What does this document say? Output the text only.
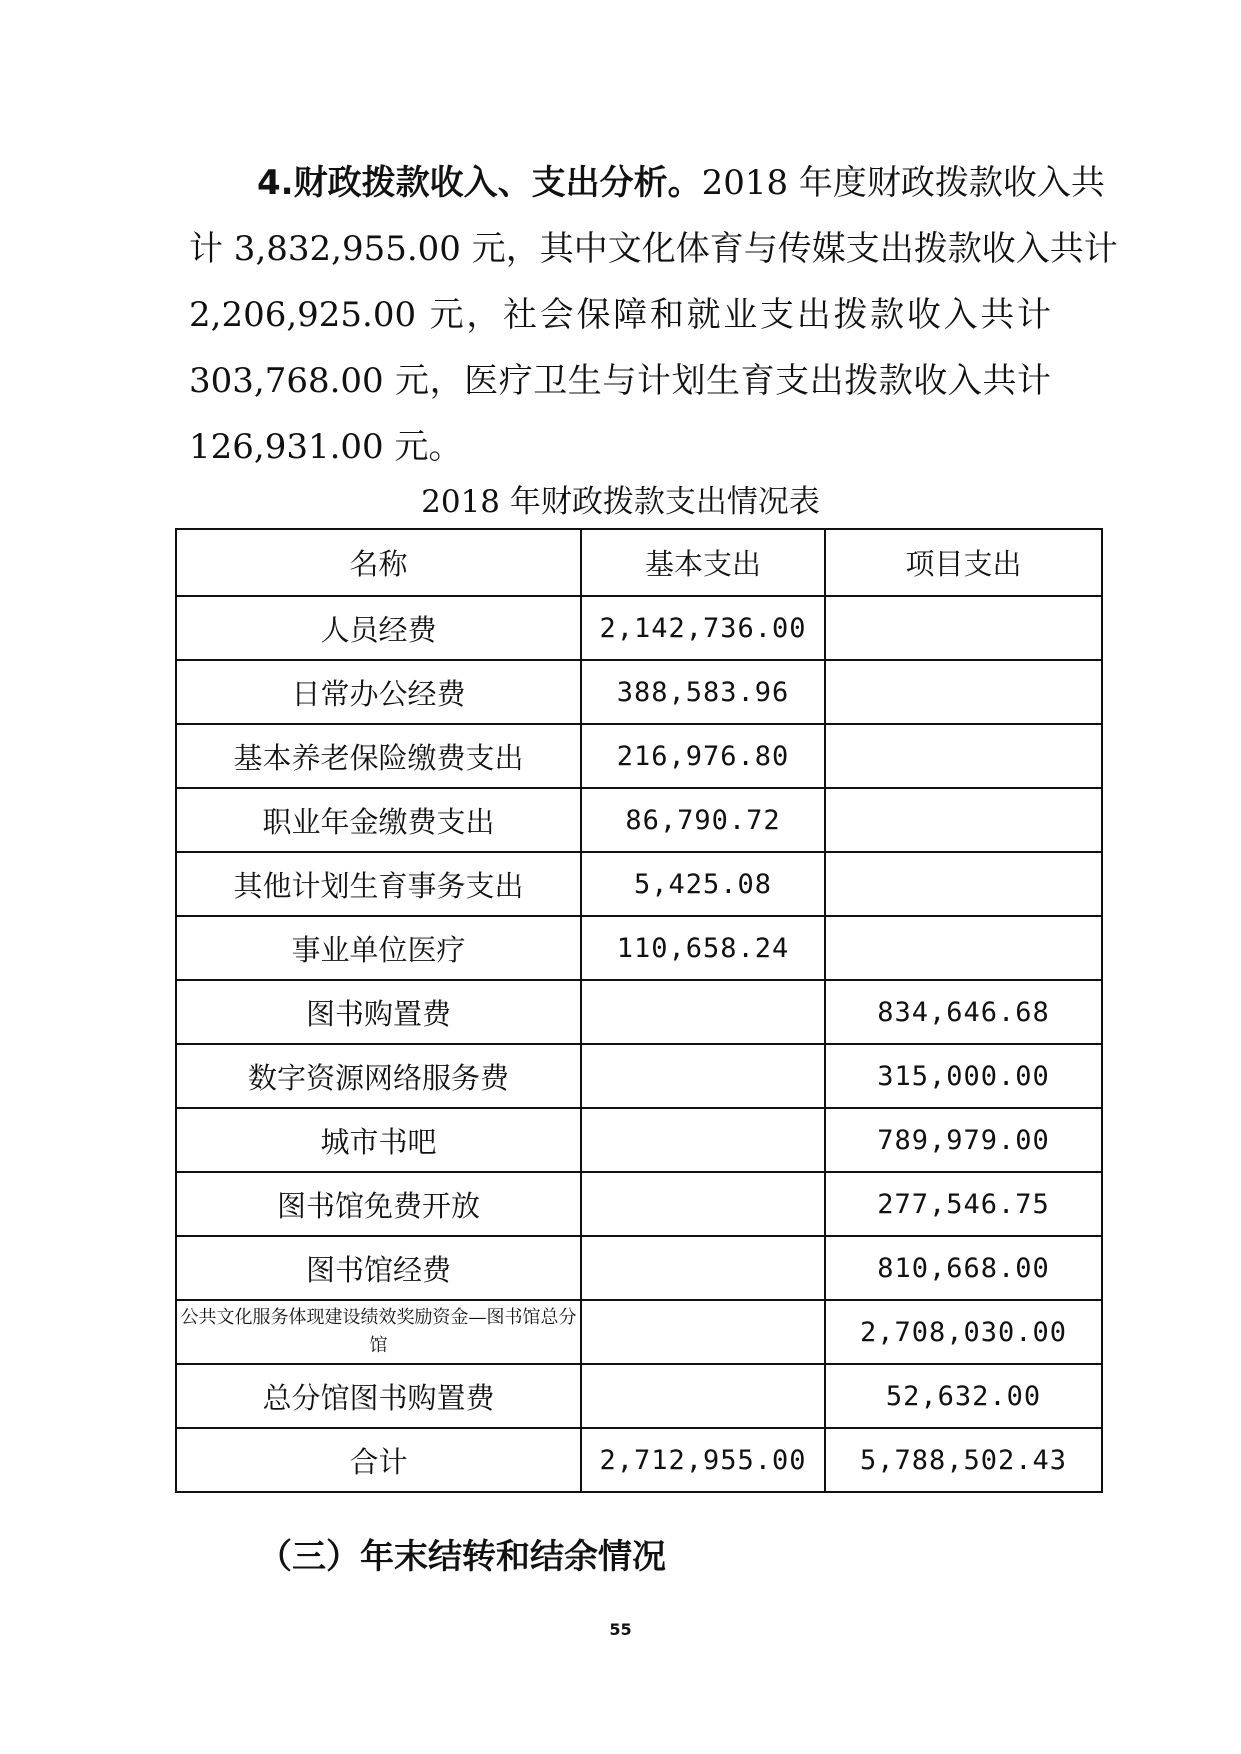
4.财政拨款收入、支出分析。2018 年度财政拨款收入共
计 3,832,955.00 元，其中文化体育与传媒支出拨款收入共计
2,206,925.00 元，社会保障和就业支出拨款收入共计
303,768.00 元，医疗卫生与计划生育支出拨款收入共计
126,931.00 元。
2018 年财政拨款支出情况表
名称	基本支出	项目支出
人员经费	2,142,736.00	
日常办公经费	388,583.96	
基本养老保险缴费支出	216,976.80	
职业年金缴费支出	86,790.72	
其他计划生育事务支出	5,425.08	
事业单位医疗	110,658.24	
图书购置费		834,646.68
数字资源网络服务费		315,000.00
城市书吧		789,979.00
图书馆免费开放		277,546.75
图书馆经费		810,668.00
公共文化服务体现建设绩效奖励资金—图书馆总分馆		2,708,030.00
总分馆图书购置费		52,632.00
合计	2,712,955.00	5,788,502.43
（三）年末结转和结余情况
55
